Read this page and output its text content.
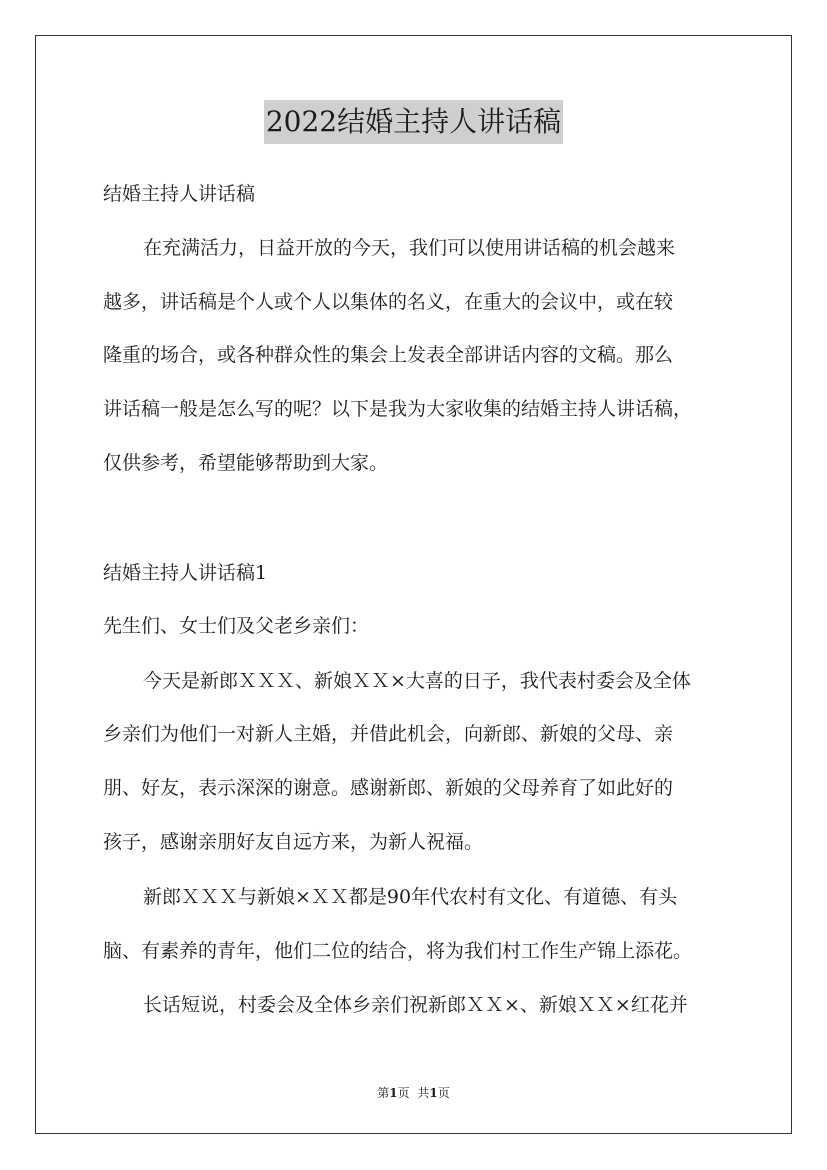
2022结婚主持人讲话稿
结婚主持人讲话稿
在充满活力，日益开放的今天，我们可以使用讲话稿的机会越来
越多，讲话稿是个人或个人以集体的名义，在重大的会议中，或在较
隆重的场合，或各种群众性的集会上发表全部讲话内容的文稿。那么
讲话稿一般是怎么写的呢？以下是我为大家收集的结婚主持人讲话稿，
仅供参考，希望能够帮助到大家。
结婚主持人讲话稿1
先生们、女士们及父老乡亲们：
今天是新郎ＸＸＸ、新娘ＸＸ×大喜的日子，我代表村委会及全体
乡亲们为他们一对新人主婚，并借此机会，向新郎、新娘的父母、亲
朋、好友，表示深深的谢意。感谢新郎、新娘的父母养育了如此好的
孩子，感谢亲朋好友自远方来，为新人祝福。
新郎ＸＸＸ与新娘×ＸＸ都是90年代农村有文化、有道德、有头
脑、有素养的青年，他们二位的结合，将为我们村工作生产锦上添花。
长话短说，村委会及全体乡亲们祝新郎ＸＸ×、新娘ＸＸ×红花并
第1页 共1页
